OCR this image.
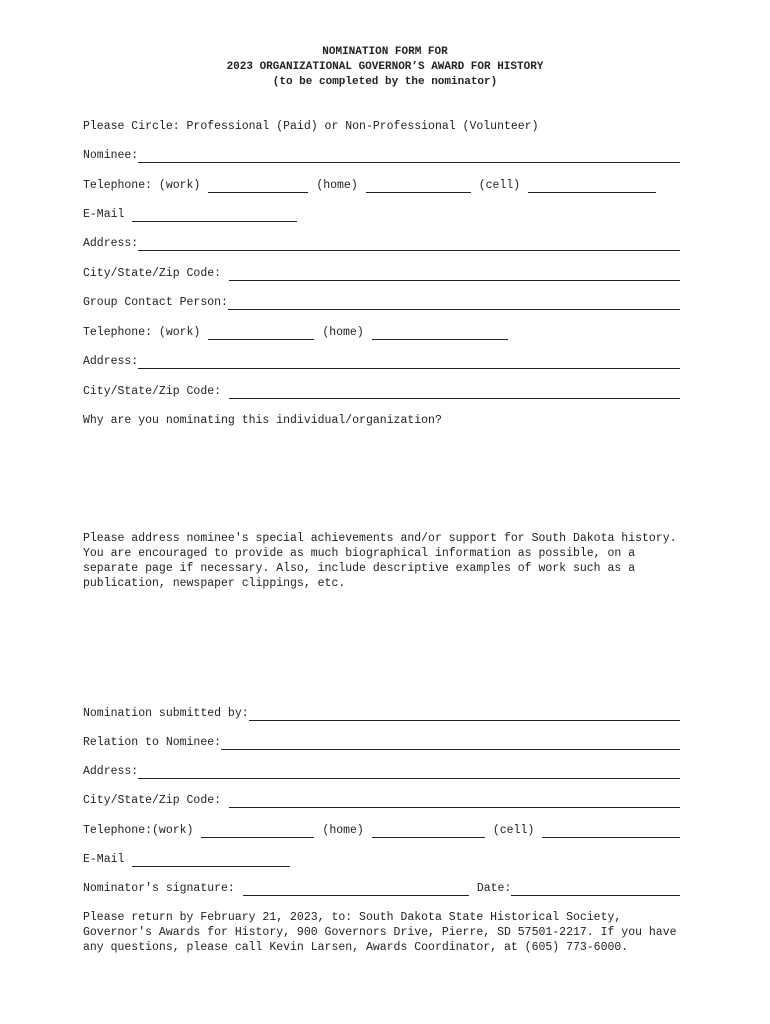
NOMINATION FORM FOR
2023 ORGANIZATIONAL GOVERNOR’S AWARD FOR HISTORY
(to be completed by the nominator)
Please Circle: Professional (Paid) or Non-Professional (Volunteer)
Nominee:
Telephone: (work)	(home)	(cell)
E-Mail
Address:
City/State/Zip Code:
Group Contact Person:
Telephone: (work)	(home)
Address:
City/State/Zip Code:
Why are you nominating this individual/organization?
Please address nominee's special achievements and/or support for South Dakota history. You are encouraged to provide as much biographical information as possible, on a separate page if necessary. Also, include descriptive examples of work such as a publication, newspaper clippings, etc.
Nomination submitted by:
Relation to Nominee:
Address:
City/State/Zip Code:
Telephone:(work)	(home)	(cell)
E-Mail
Nominator's signature:	Date:
Please return by February 21, 2023, to: South Dakota State Historical Society, Governor's Awards for History, 900 Governors Drive, Pierre, SD 57501-2217. If you have any questions, please call Kevin Larsen, Awards Coordinator, at (605) 773-6000.
